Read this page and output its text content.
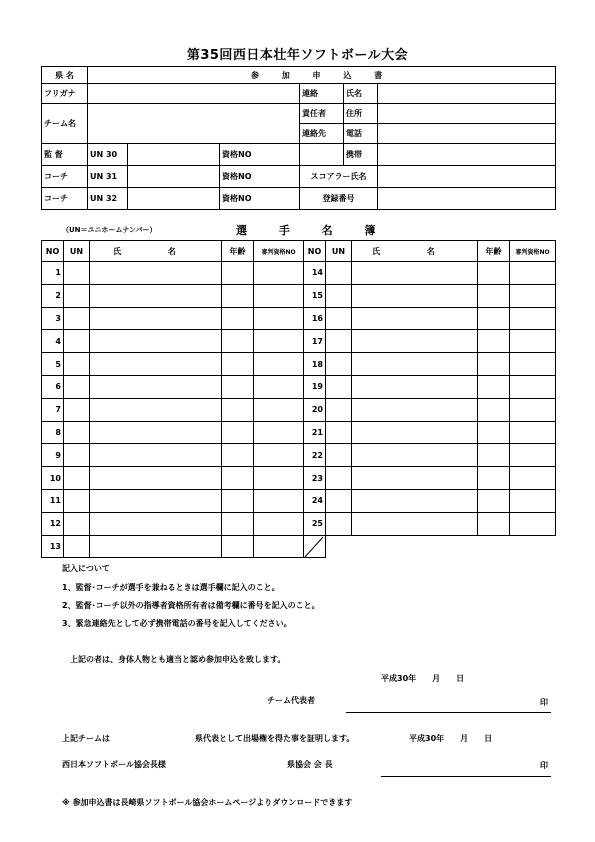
第35回西日本壮年ソフトボール大会
県 名	参 加 申 込 書					
フリガナ				連絡	氏名	
チーム名				責任者	住所	
				連絡先	電話	
監 督	UN 30		資格NO		携帯	
コーチ	UN 31		資格NO	スコアラー氏名		
コーチ	UN 32		資格NO	登録番号		
（UN＝ユニホームナンバー）	選 手 名 簿
NO	UN	氏 名	年齢	審判資格NO	NO	UN	氏 名	年齢	審判資格NO
1					14				
2					15				
3					16				
4					17				
5					18				
6					19				
7					20				
8					21				
9					22				
10					23				
11					24				
12					25				
13					

記入について
1、監督･コーチが選手を兼ねるときは選手欄に記入のこと。
2、監督･コーチ以外の指導者資格所有者は備考欄に番号を記入のこと。
3、緊急連絡先として必ず携帯電話の番号を記入してください。
上記の者は、身体人物とも適当と認め参加申込を致します。
平成30年　　月　　日
チーム代表者	印
上記チームは	県代表として出場権を得た事を証明します。	平成30年　　月　　日
西日本ソフトボール協会長様	県協会 会 長	印
※ 参加申込書は長崎県ソフトボール協会ホームページよりダウンロードできます
